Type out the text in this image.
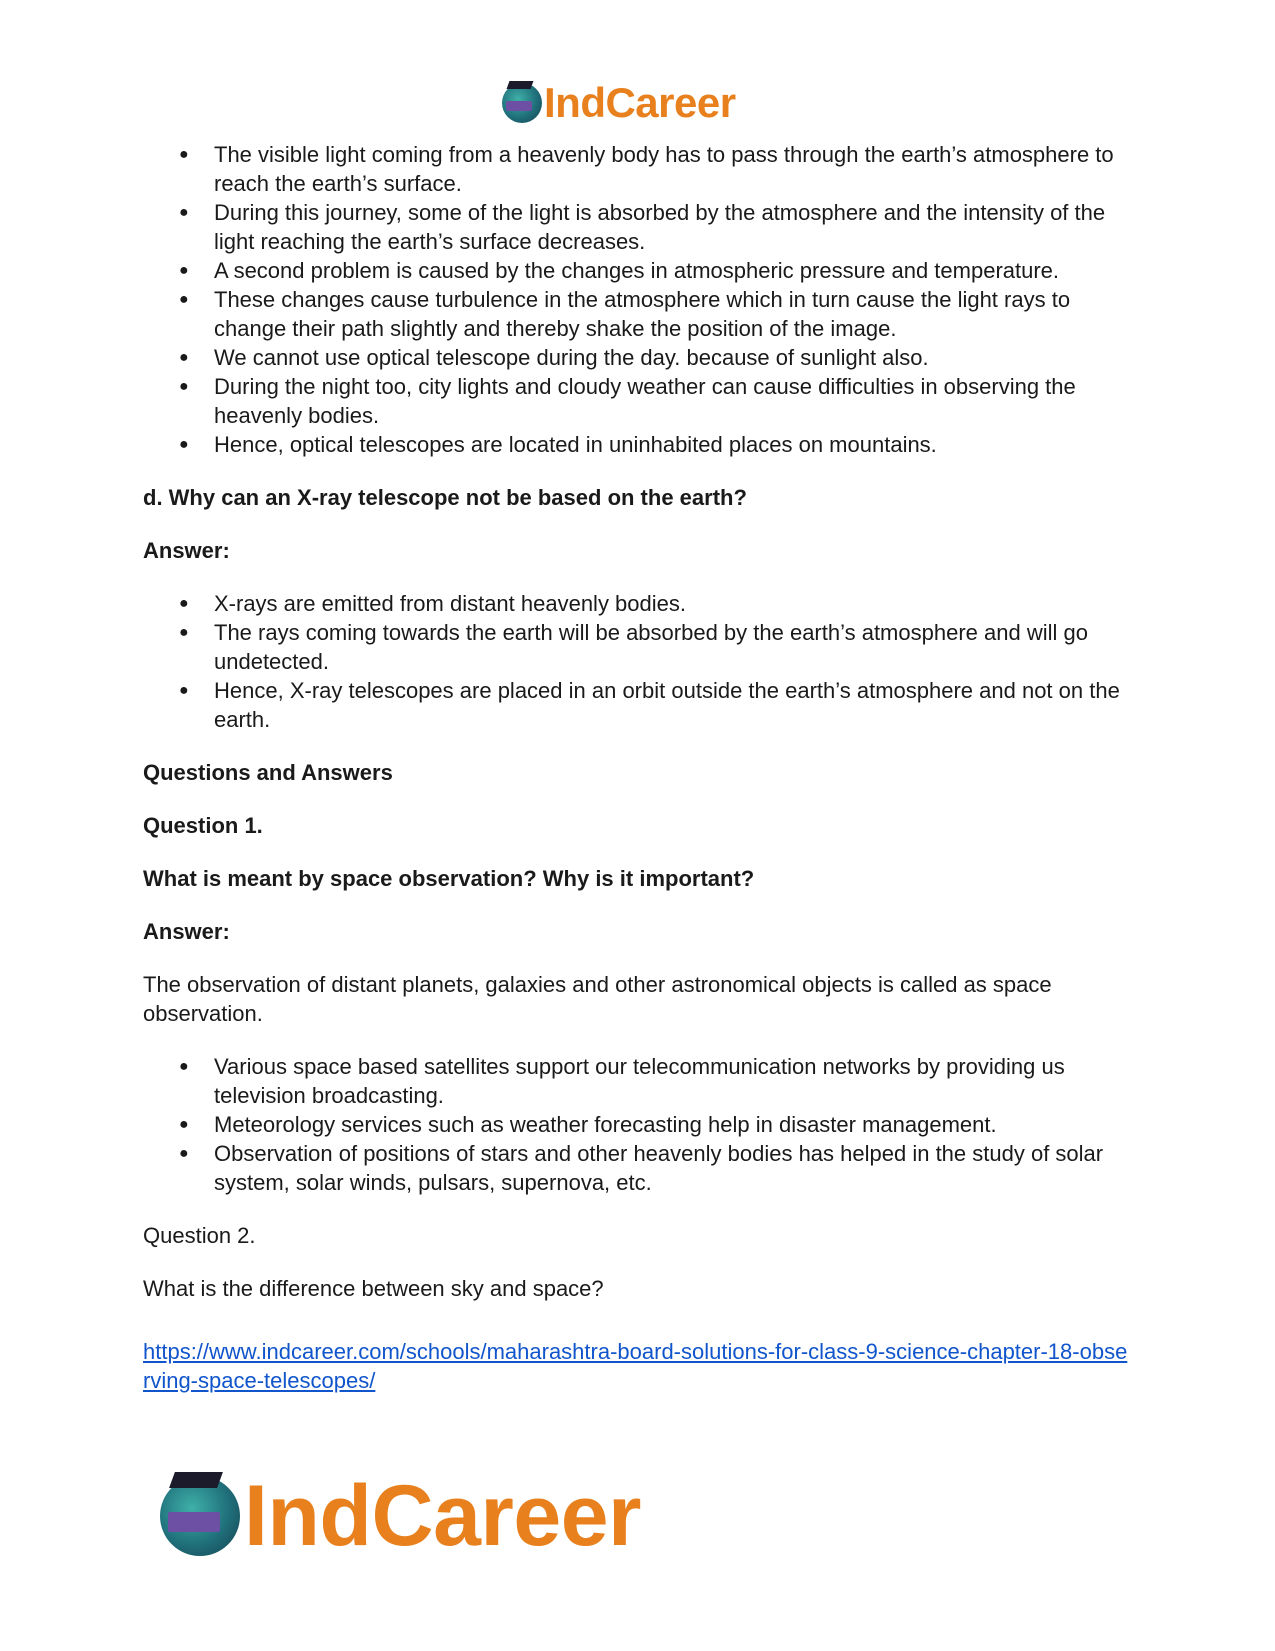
IndCareer
● The visible light coming from a heavenly body has to pass through the earth’s atmosphere to reach the earth’s surface.
● During this journey, some of the light is absorbed by the atmosphere and the intensity of the light reaching the earth’s surface decreases.
● A second problem is caused by the changes in atmospheric pressure and temperature.
● These changes cause turbulence in the atmosphere which in turn cause the light rays to change their path slightly and thereby shake the position of the image.
● We cannot use optical telescope during the day. because of sunlight also.
● During the night too, city lights and cloudy weather can cause difficulties in observing the heavenly bodies.
● Hence, optical telescopes are located in uninhabited places on mountains.

d. Why can an X-ray telescope not be based on the earth?

Answer:

● X-rays are emitted from distant heavenly bodies.
● The rays coming towards the earth will be absorbed by the earth’s atmosphere and will go undetected.
● Hence, X-ray telescopes are placed in an orbit outside the earth’s atmosphere and not on the earth.

Questions and Answers

Question 1.

What is meant by space observation? Why is it important?

Answer:

The observation of distant planets, galaxies and other astronomical objects is called as space observation.

● Various space based satellites support our telecommunication networks by providing us television broadcasting.
● Meteorology services such as weather forecasting help in disaster management.
● Observation of positions of stars and other heavenly bodies has helped in the study of solar system, solar winds, pulsars, supernova, etc.

Question 2.

What is the difference between sky and space?

https://www.indcareer.com/schools/maharashtra-board-solutions-for-class-9-science-chapter-18-observing-space-telescopes/
IndCareer
